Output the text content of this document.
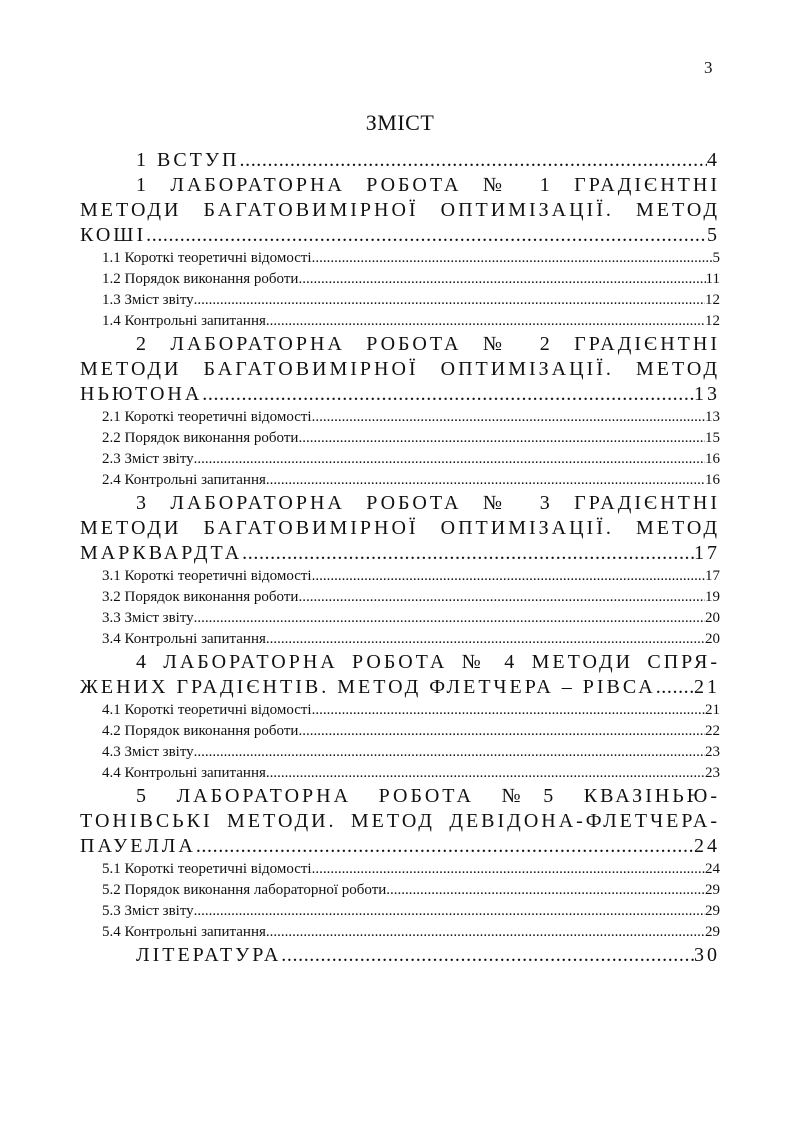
3
ЗМІСТ
1 ВСТУП .....	4
1 ЛАБОРАТОРНА РОБОТА № 1 ГРАДІЄНТНІ
МЕТОДИ БАГАТОВИМІРНОЇ ОПТИМІЗАЦІЇ. МЕТОД
КОШІ .....	5
1.1 Короткі теоретичні відомості .....	5
1.2 Порядок виконання роботи .....	11
1.3 Зміст звіту .....	12
1.4 Контрольні запитання .....	12
2 ЛАБОРАТОРНА РОБОТА № 2 ГРАДІЄНТНІ
МЕТОДИ БАГАТОВИМІРНОЇ ОПТИМІЗАЦІЇ. МЕТОД
НЬЮТОНА .....	13
2.1 Короткі теоретичні відомості .....	13
2.2 Порядок виконання роботи .....	15
2.3 Зміст звіту .....	16
2.4 Контрольні запитання .....	16
3 ЛАБОРАТОРНА РОБОТА № 3 ГРАДІЄНТНІ
МЕТОДИ БАГАТОВИМІРНОЇ ОПТИМІЗАЦІЇ. МЕТОД
МАРКВАРДТА .....	17
3.1 Короткі теоретичні відомості .....	17
3.2 Порядок виконання роботи .....	19
3.3 Зміст звіту .....	20
3.4 Контрольні запитання .....	20
4 ЛАБОРАТОРНА РОБОТА № 4 МЕТОДИ СПРЯ-
ЖЕНИХ ГРАДІЄНТІВ. МЕТОД ФЛЕТЧЕРА – РІВСА ..... 21
4.1 Короткі теоретичні відомості .....	21
4.2 Порядок виконання роботи .....	22
4.3 Зміст звіту .....	23
4.4 Контрольні запитання .....	23
5 ЛАБОРАТОРНА РОБОТА №5 КВАЗІНЬЮ-
ТОНІВСЬКІ МЕТОДИ. МЕТОД ДЕВІДОНА-ФЛЕТЧЕРА-
ПАУЕЛЛА .....	24
5.1 Короткі теоретичні відомості .....	24
5.2 Порядок виконання лабораторної роботи .....	29
5.3 Зміст звіту .....	29
5.4 Контрольні запитання .....	29
ЛІТЕРАТУРА .....	30
